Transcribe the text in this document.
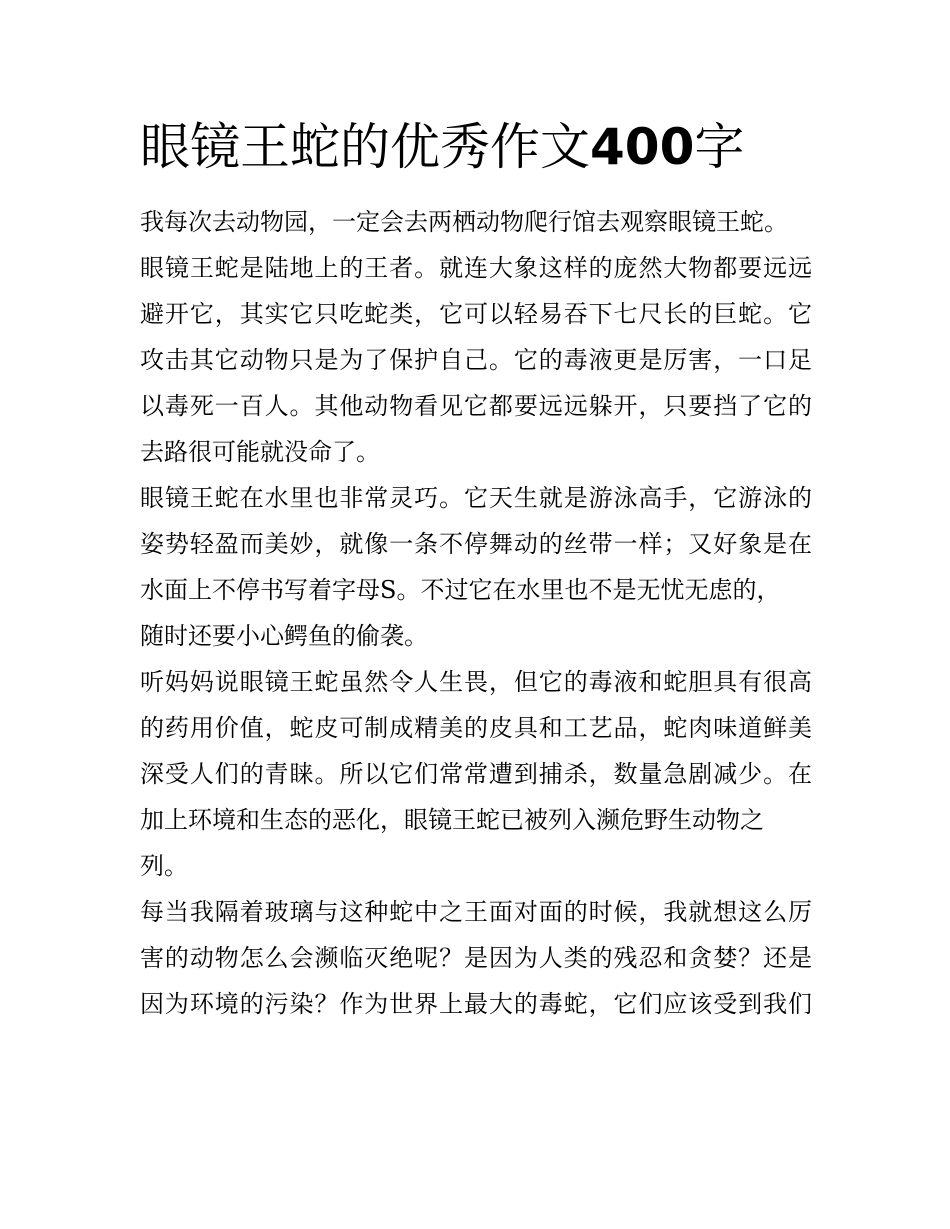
眼镜王蛇的优秀作文400字

我每次去动物园，一定会去两栖动物爬行馆去观察眼镜王蛇。

眼镜王蛇是陆地上的王者。就连大象这样的庞然大物都要远远
避开它，其实它只吃蛇类，它可以轻易吞下七尺长的巨蛇。它
攻击其它动物只是为了保护自己。它的毒液更是厉害，一口足
以毒死一百人。其他动物看见它都要远远躲开，只要挡了它的
去路很可能就没命了。

眼镜王蛇在水里也非常灵巧。它天生就是游泳高手，它游泳的
姿势轻盈而美妙，就像一条不停舞动的丝带一样；又好象是在
水面上不停书写着字母S。不过它在水里也不是无忧无虑的，
随时还要小心鳄鱼的偷袭。

听妈妈说眼镜王蛇虽然令人生畏，但它的毒液和蛇胆具有很高
的药用价值，蛇皮可制成精美的皮具和工艺品，蛇肉味道鲜美
深受人们的青睐。所以它们常常遭到捕杀，数量急剧减少。在
加上环境和生态的恶化，眼镜王蛇已被列入濒危野生动物之
列。

每当我隔着玻璃与这种蛇中之王面对面的时候，我就想这么厉
害的动物怎么会濒临灭绝呢？是因为人类的残忍和贪婪？还是
因为环境的污染？作为世界上最大的毒蛇，它们应该受到我们
